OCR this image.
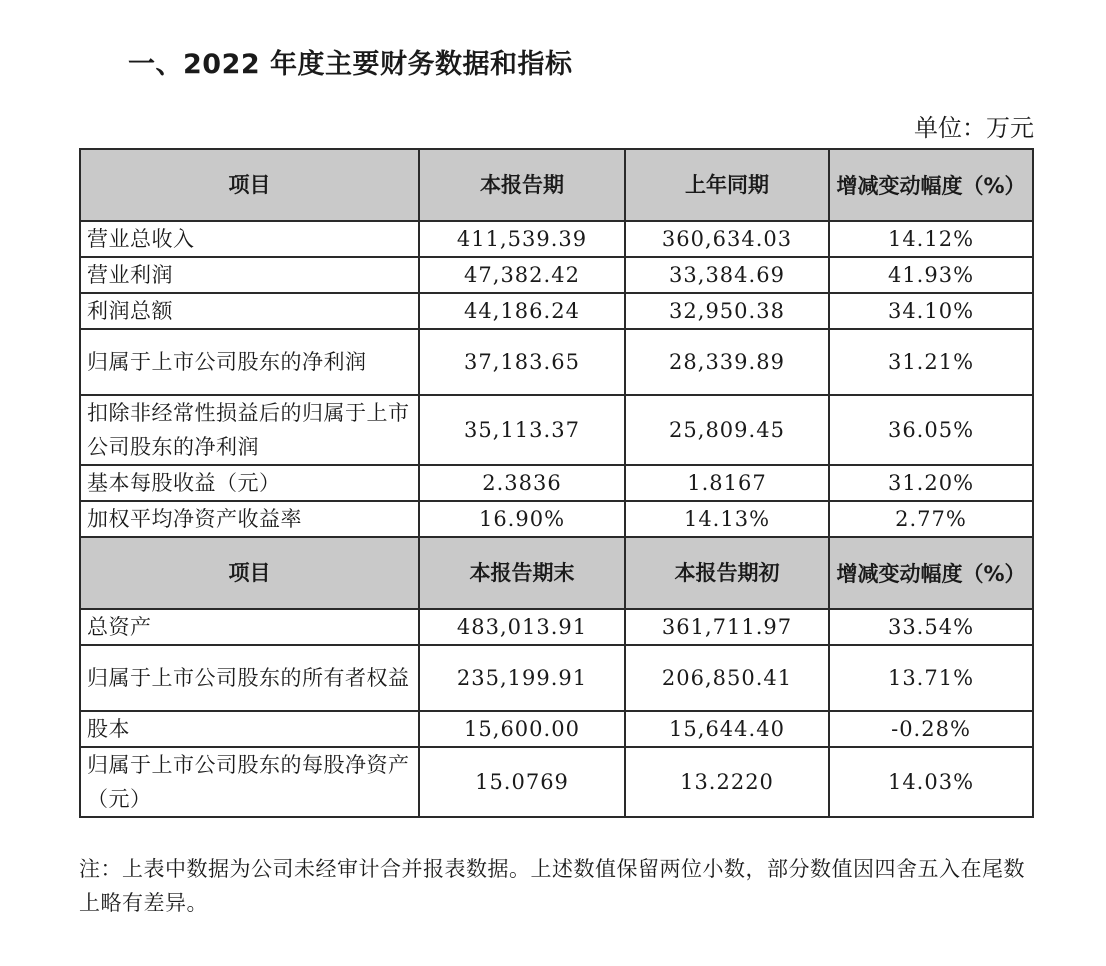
一、2022 年度主要财务数据和指标
单位：万元
项目	本报告期	上年同期	增减变动幅度（%）
营业总收入	411,539.39	360,634.03	14.12%
营业利润	47,382.42	33,384.69	41.93%
利润总额	44,186.24	32,950.38	34.10%
归属于上市公司股东的净利润	37,183.65	28,339.89	31.21%
扣除非经常性损益后的归属于上市公司股东的净利润	35,113.37	25,809.45	36.05%
基本每股收益（元）	2.3836	1.8167	31.20%
加权平均净资产收益率	16.90%	14.13%	2.77%
项目	本报告期末	本报告期初	增减变动幅度（%）
总资产	483,013.91	361,711.97	33.54%
归属于上市公司股东的所有者权益	235,199.91	206,850.41	13.71%
股本	15,600.00	15,644.40	-0.28%
归属于上市公司股东的每股净资产（元）	15.0769	13.2220	14.03%
注：上表中数据为公司未经审计合并报表数据。上述数值保留两位小数，部分数值因四舍五入在尾数上略有差异。
